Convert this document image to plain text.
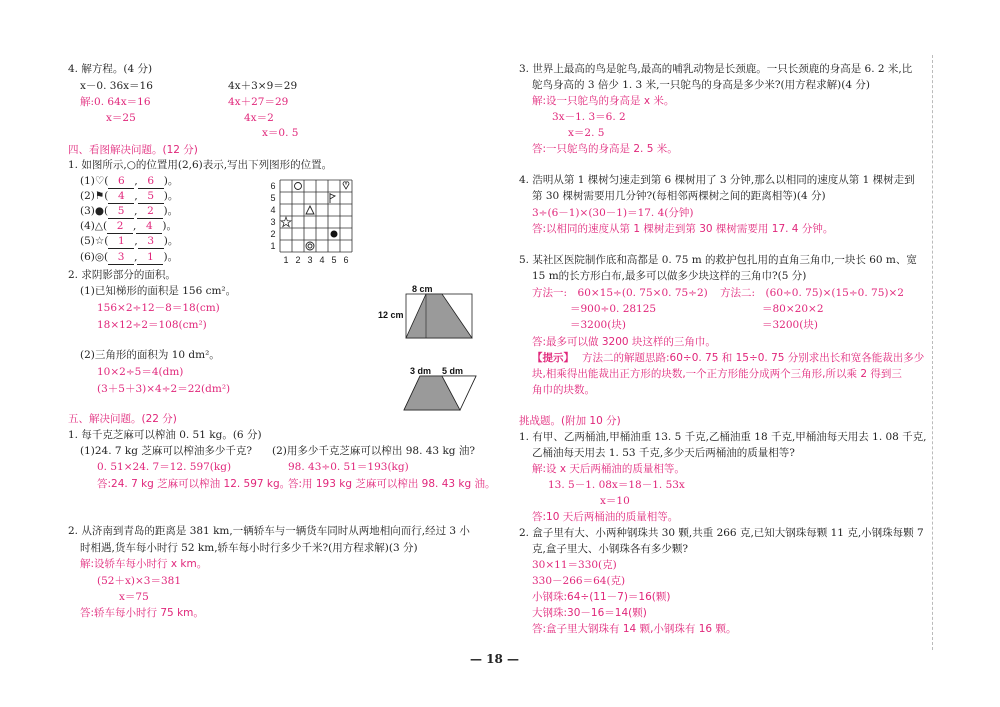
4. 解方程。(4 分)
x－0. 36x＝16
解:0. 64x＝16
x＝25
4x＋3×9＝29
4x＋27＝29
4x＝2
x＝0. 5
四、看图解决问题。(12 分)
1. 如图所示,○的位置用(2,6)表示,写出下列图形的位置。
(1)♡( 6 , 6 )。
(2)⚑( 4 , 5 )。
(3)●( 5 , 2 )。
(4)△( 2 , 4 )。
(5)☆( 1 , 3 )。
(6)◎( 3 , 1 )。
6
5
4
3
2
1
1 2 3 4 5 6
2. 求阴影部分的面积。
(1)已知梯形的面积是 156 cm²。
156×2÷12－8＝18(cm)
18×12÷2＝108(cm²)
8 cm
12 cm
(2)三角形的面积为 10 dm²。
10×2÷5＝4(dm)
(3＋5＋3)×4÷2＝22(dm²)
3 dm 5 dm
五、解决问题。(22 分)
1. 每千克芝麻可以榨油 0. 51 kg。(6 分)
(1)24. 7 kg 芝麻可以榨油多少千克? (2)用多少千克芝麻可以榨出 98. 43 kg 油?
0. 51×24. 7＝12. 597(kg)	98. 43÷0. 51＝193(kg)
答:24. 7 kg 芝麻可以榨油 12. 597 kg。
答:用 193 kg 芝麻可以榨出 98. 43 kg 油。
2. 从济南到青岛的距离是 381 km,一辆轿车与一辆货车同时从两地相向而行,经过 3 小
时相遇,货车每小时行 52 km,轿车每小时行多少千米?(用方程求解)(3 分)
解:设轿车每小时行 x km。
(52＋x)×3＝381
x＝75
答:轿车每小时行 75 km。
3. 世界上最高的鸟是鸵鸟,最高的哺乳动物是长颈鹿。一只长颈鹿的身高是 6. 2 米,比
鸵鸟身高的 3 倍少 1. 3 米,一只鸵鸟的身高是多少米?(用方程求解)(4 分)
解:设一只鸵鸟的身高是 x 米。
3x－1. 3＝6. 2
x＝2. 5
答:一只鸵鸟的身高是 2. 5 米。
4. 浩明从第 1 棵树匀速走到第 6 棵树用了 3 分钟,那么以相同的速度从第 1 棵树走到
第 30 棵树需要用几分钟?(每相邻两棵树之间的距离相等)(4 分)
3÷(6－1)×(30－1)＝17. 4(分钟)
答:以相同的速度从第 1 棵树走到第 30 棵树需要用 17. 4 分钟。
5. 某社区医院制作底和高都是 0. 75 m 的救护包扎用的直角三角巾,一块长 60 m、宽
15 m的长方形白布,最多可以做多少块这样的三角巾?(5 分)
方法一:　60×15÷(0. 75×0. 75÷2)
＝900÷0. 28125
＝3200(块)
方法二:　(60÷0. 75)×(15÷0. 75)×2
＝80×20×2
＝3200(块)
答:最多可以做 3200 块这样的三角巾。
【提示】 方法二的解题思路:60÷0. 75 和 15÷0. 75 分别求出长和宽各能裁出多少
块,相乘得出能裁出正方形的块数,一个正方形能分成两个三角形,所以乘 2 得到三
角巾的块数。
挑战题。(附加 10 分)
1. 有甲、乙两桶油,甲桶油重 13. 5 千克,乙桶油重 18 千克,甲桶油每天用去 1. 08 千克,
乙桶油每天用去 1. 53 千克,多少天后两桶油的质量相等?
解:设 x 天后两桶油的质量相等。
13. 5－1. 08x＝18－1. 53x
x＝10
答:10 天后两桶油的质量相等。
2. 盒子里有大、小两种钢珠共 30 颗,共重 266 克,已知大钢珠每颗 11 克,小钢珠每颗 7
克,盒子里大、小钢珠各有多少颗?
30×11＝330(克)
330－266＝64(克)
小钢珠:64÷(11－7)＝16(颗)
大钢珠:30－16＝14(颗)
答:盒子里大钢珠有 14 颗,小钢珠有 16 颗。
— 18 —
